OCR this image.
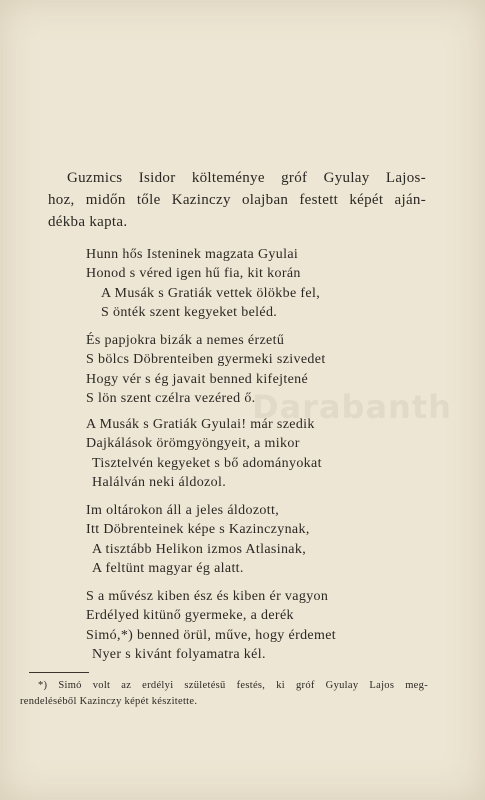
Darabanth
Guzmics Isidor költeménye gróf Gyulay Lajos-
hoz, midőn tőle Kazinczy olajban festett képét aján-
dékba kapta.
Hunn hős Isteninek magzata Gyulai
Honod s véred igen hű fia, kit korán
A Musák s Gratiák vettek ölökbe fel,
S önték szent kegyeket beléd.
És papjokra bizák a nemes érzetű
S bölcs Döbrenteiben gyermeki szivedet
Hogy vér s ég javait benned kifejtené
S lön szent czélra vezéred ő.
A Musák s Gratiák Gyulai! már szedik
Dajkálások örömgyöngyeit, a mikor
Tisztelvén kegyeket s bő adományokat
Halálván neki áldozol.
Im oltárokon áll a jeles áldozott,
Itt Döbrenteinek képe s Kazinczynak,
A tisztább Helikon izmos Atlasinak,
A feltünt magyar ég alatt.
S a művész kiben ész és kiben ér vagyon
Erdélyed kitünő gyermeke, a derék
Simó,*) benned örül, műve, hogy érdemet
Nyer s kivánt folyamatra kél.
*) Simó volt az erdélyi születésű festés, ki gróf Gyulay Lajos meg-
rendeléséből Kazinczy képét készitette.
